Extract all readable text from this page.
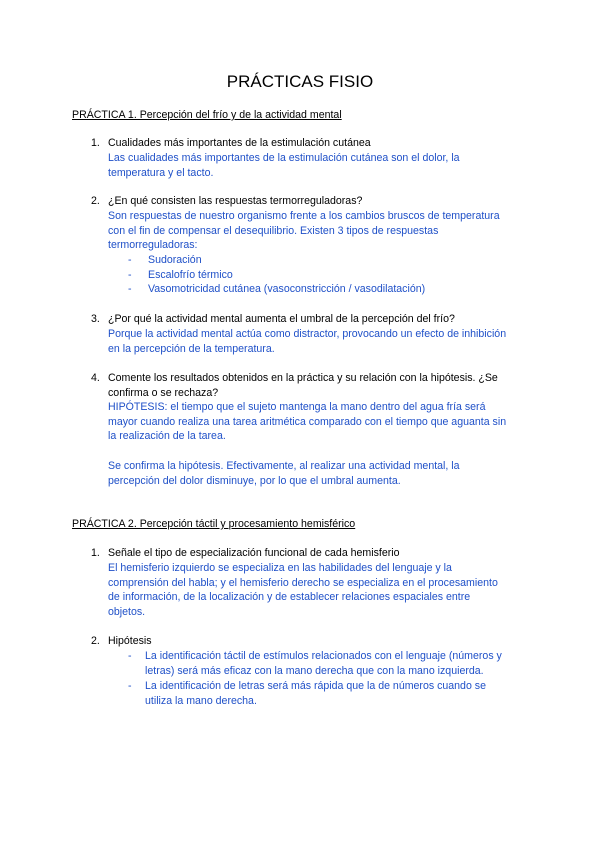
PRÁCTICAS FISIO

PRÁCTICA 1. Percepción del frío y de la actividad mental

1. Cualidades más importantes de la estimulación cutánea
Las cualidades más importantes de la estimulación cutánea son el dolor, la
temperatura y el tacto.
2. ¿En qué consisten las respuestas termorreguladoras?
Son respuestas de nuestro organismo frente a los cambios bruscos de temperatura
con el fin de compensar el desequilibrio. Existen 3 tipos de respuestas
termorreguladoras:
- Sudoración
- Escalofrío térmico
- Vasomotricidad cutánea (vasoconstricción / vasodilatación)
3. ¿Por qué la actividad mental aumenta el umbral de la percepción del frío?
Porque la actividad mental actúa como distractor, provocando un efecto de inhibición
en la percepción de la temperatura.
4. Comente los resultados obtenidos en la práctica y su relación con la hipótesis. ¿Se
confirma o se rechaza?
HIPÓTESIS: el tiempo que el sujeto mantenga la mano dentro del agua fría será
mayor cuando realiza una tarea aritmética comparado con el tiempo que aguanta sin
la realización de la tarea.
Se confirma la hipótesis. Efectivamente, al realizar una actividad mental, la
percepción del dolor disminuye, por lo que el umbral aumenta.

PRÁCTICA 2. Percepción táctil y procesamiento hemisférico

1. Señale el tipo de especialización funcional de cada hemisferio
El hemisferio izquierdo se especializa en las habilidades del lenguaje y la
comprensión del habla; y el hemisferio derecho se especializa en el procesamiento
de información, de la localización y de establecer relaciones espaciales entre
objetos.
2. Hipótesis
- La identificación táctil de estímulos relacionados con el lenguaje (números y
letras) será más eficaz con la mano derecha que con la mano izquierda.
- La identificación de letras será más rápida que la de números cuando se
utiliza la mano derecha.
